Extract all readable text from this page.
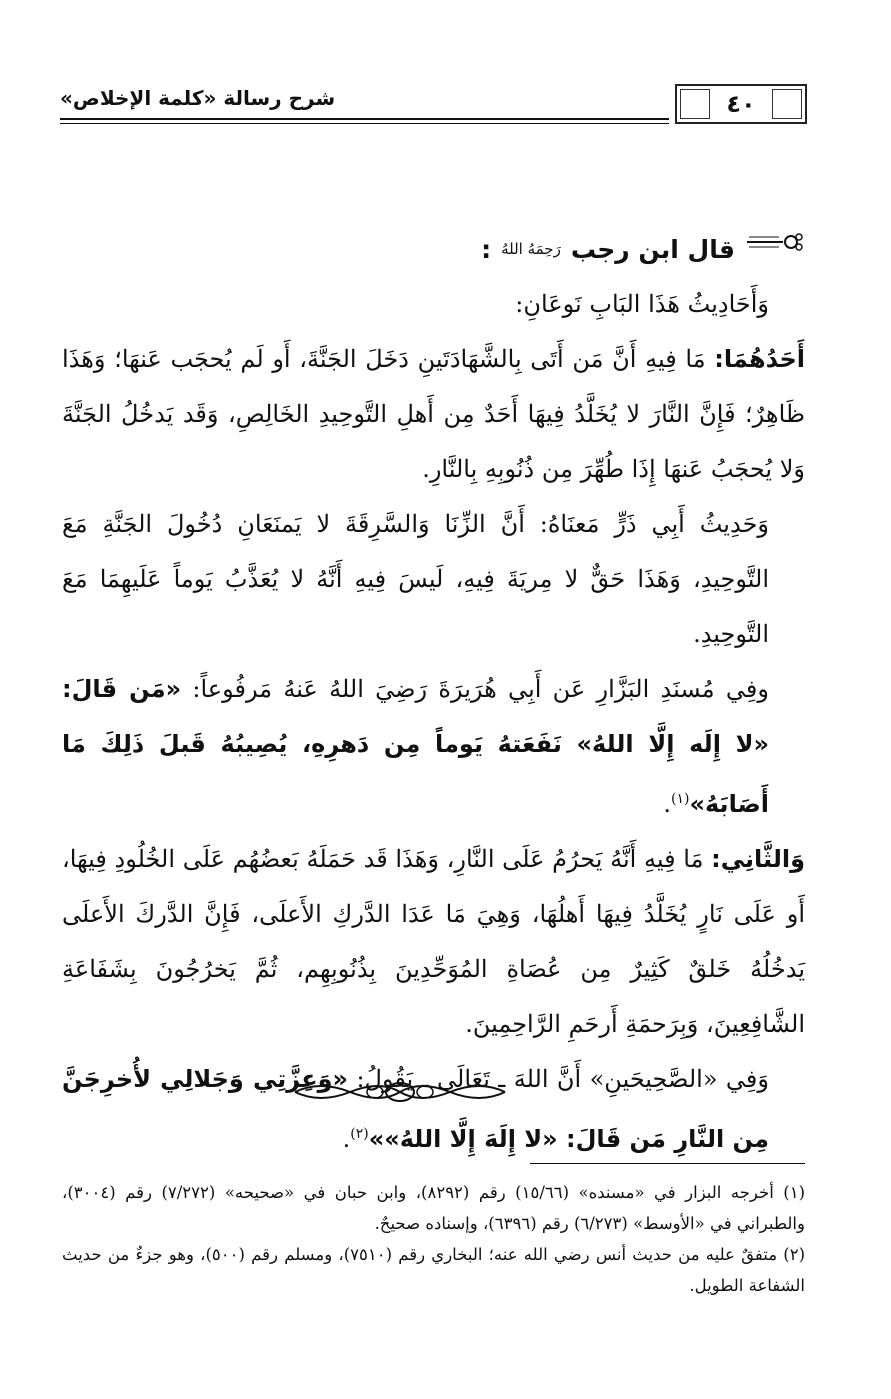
٤٠
شرح رسالة «كلمة الإخلاص»
قال ابن رجب
رَحِمَهُ اللهُ
:

وَأَحَادِيثُ هَذَا البَابِ نَوعَانِ:

أَحَدُهُمَا: مَا فِيهِ أَنَّ مَن أَتَى بِالشَّهَادَتَينِ دَخَلَ الجَنَّةَ، أَو لَم يُحجَب عَنهَا؛ وَهَذَا ظَاهِرٌ؛ فَإِنَّ النَّارَ لا يُخَلَّدُ فِيهَا أَحَدٌ مِن أَهلِ التَّوحِيدِ الخَالِصِ، وَقَد يَدخُلُ الجَنَّةَ وَلا يُحجَبُ عَنهَا إِذَا طُهِّرَ مِن ذُنُوبِهِ بِالنَّارِ.

وَحَدِيثُ أَبِي ذَرٍّ مَعنَاهُ: أَنَّ الزِّنَا وَالسَّرِقَةَ لا يَمنَعَانِ دُخُولَ الجَنَّةِ مَعَ التَّوحِيدِ، وَهَذَا حَقٌّ لا مِريَةَ فِيهِ، لَيسَ فِيهِ أَنَّهُ لا يُعَذَّبُ يَوماً عَلَيهِمَا مَعَ التَّوحِيدِ.

وفِي مُسنَدِ البَزَّارِ عَن أَبِي هُرَيرَةَ رَضِيَ اللهُ عَنهُ مَرفُوعاً: «مَن قَالَ: «لا إِلَه إِلَّا اللهُ» نَفَعَتهُ يَوماً مِن دَهرِهِ، يُصِيبُهُ قَبلَ ذَلِكَ مَا أَصَابَهُ»$^{(١)}$.

وَالثَّانِي: مَا فِيهِ أَنَّهُ يَحرُمُ عَلَى النَّارِ، وَهَذَا قَد حَمَلَهُ بَعضُهُم عَلَى الخُلُودِ فِيهَا، أَو عَلَى نَارٍ يُخَلَّدُ فِيهَا أَهلُهَا، وَهِيَ مَا عَدَا الدَّركِ الأَعلَى، فَإِنَّ الدَّركَ الأَعلَى يَدخُلُهُ خَلقٌ كَثِيرٌ مِن عُصَاةِ المُوَحِّدِينَ بِذُنُوبِهِم، ثُمَّ يَخرُجُونَ بِشَفَاعَةِ الشَّافِعِينَ، وَبِرَحمَةِ أَرحَمِ الرَّاحِمِينَ.

وَفِي «الصَّحِيحَينِ» أَنَّ اللهَ ـ تَعَالَى ـ يَقُولُ: «وَعِزَّتِي وَجَلالِي لأُخرِجَنَّ مِن النَّارِ مَن قَالَ: «لا إِلَهَ إِلَّا اللهُ»»$^{(٢)}$.

(١) أخرجه البزار في «مسنده» (١٥/٦٦) رقم (٨٢٩٢)، وابن حبان في «صحيحه» (٧/٢٧٢) رقم (٣٠٠٤)، والطبراني في «الأوسط» (٦/٢٧٣) رقم (٦٣٩٦)، وإسناده صحيحٌ.

(٢) متفقٌ عليه من حديث أنس رضي الله عنه؛ البخاري رقم (٧٥١٠)، ومسلم رقم (٥٠٠)، وهو جزءٌ من حديث الشفاعة الطويل.
